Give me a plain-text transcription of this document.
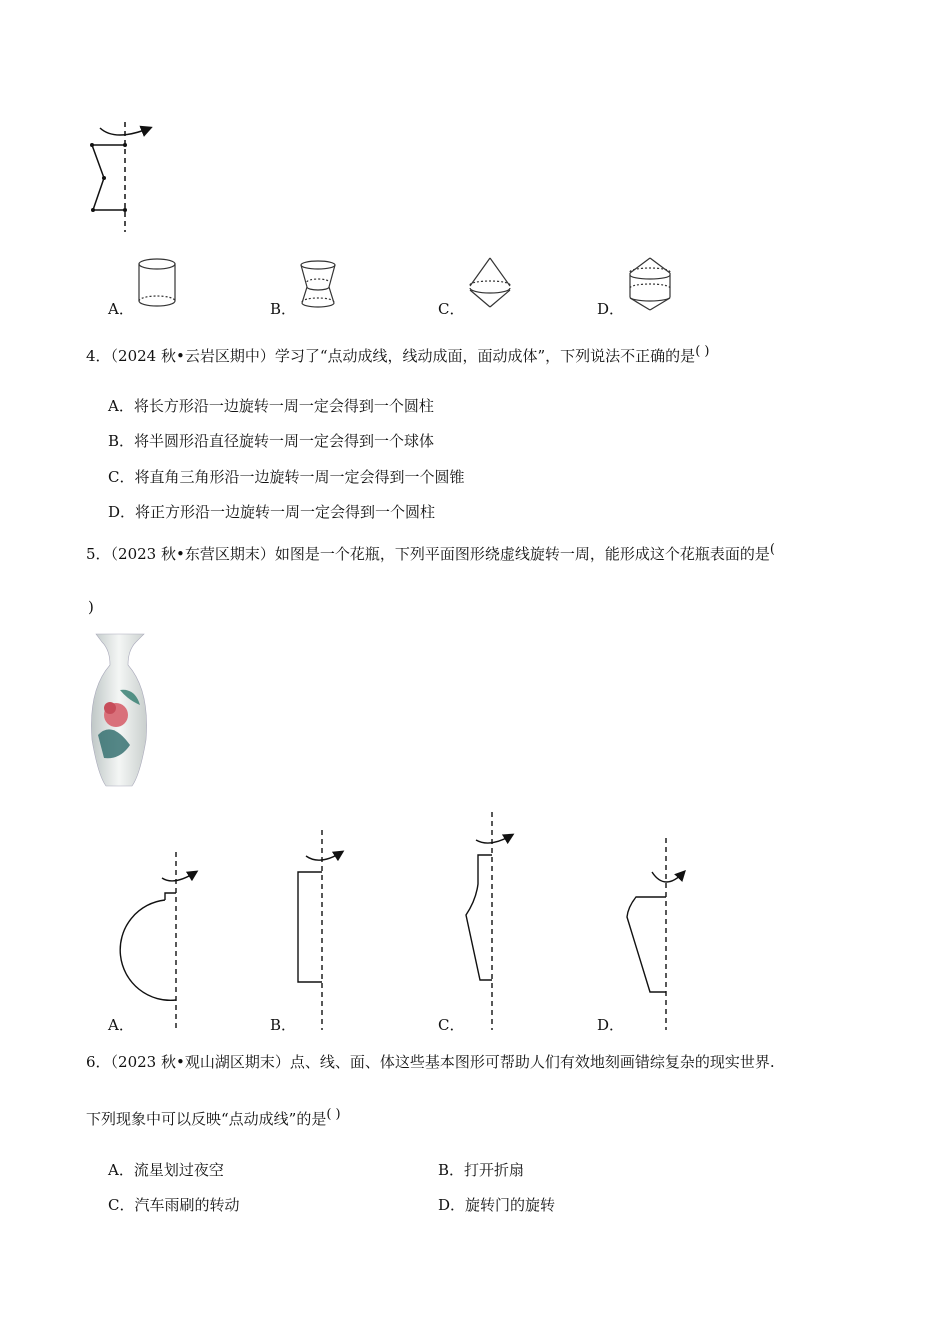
A．	B．	C．	D．
4．（2024 秋•云岩区期中）学习了“点动成线，线动成面，面动成体”，下列说法不正确的是( )
A．将长方形沿一边旋转一周一定会得到一个圆柱
B．将半圆形沿直径旋转一周一定会得到一个球体
C．将直角三角形沿一边旋转一周一定会得到一个圆锥
D．将正方形沿一边旋转一周一定会得到一个圆柱
5．（2023 秋•东营区期末）如图是一个花瓶，下列平面图形绕虚线旋转一周，能形成这个花瓶表面的是(
)
A．	B．	C．	D．
6．（2023 秋•观山湖区期末）点、线、面、体这些基本图形可帮助人们有效地刻画错综复杂的现实世界.
下列现象中可以反映“点动成线”的是( )
A．流星划过夜空	B．打开折扇
C．汽车雨刷的转动	D．旋转门的旋转
